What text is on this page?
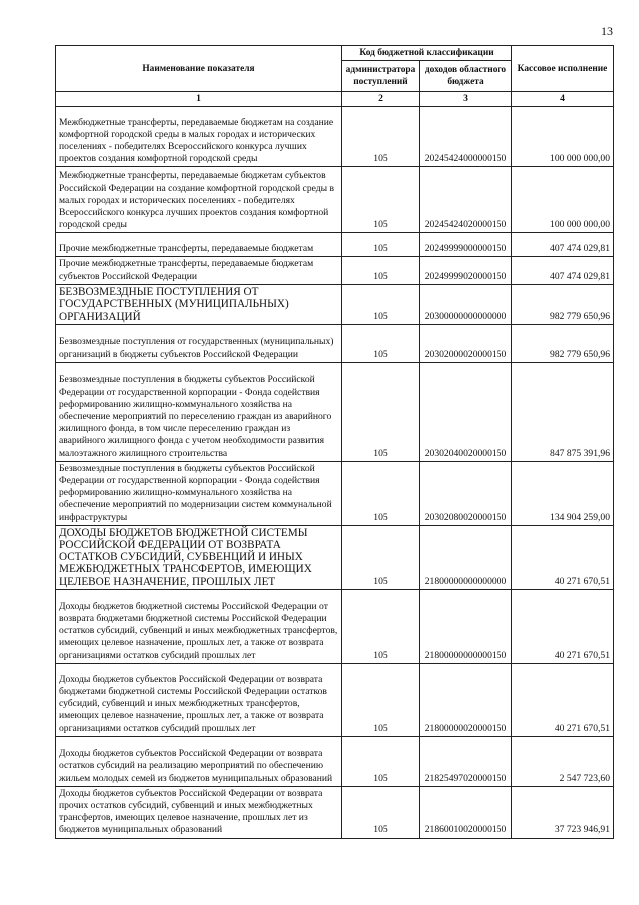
13
Наименование показателя	Код бюджетной классификации		Кассовое исполнение
	администратора поступлений	доходов областного бюджета	
1	2	3	4
Межбюджетные трансферты, передаваемые бюджетам на создание комфортной городской среды в малых городах и исторических поселениях - победителях Всероссийского конкурса лучших проектов создания комфортной городской среды	105	20245424000000150	100 000 000,00
Межбюджетные трансферты, передаваемые бюджетам субъектов Российской Федерации на создание комфортной городской среды в малых городах и исторических поселениях - победителях Всероссийского конкурса лучших проектов создания комфортной городской среды	105	20245424020000150	100 000 000,00
Прочие межбюджетные трансферты, передаваемые бюджетам	105	20249999000000150	407 474 029,81
Прочие межбюджетные трансферты, передаваемые бюджетам субъектов Российской Федерации	105	20249999020000150	407 474 029,81
БЕЗВОЗМЕЗДНЫЕ ПОСТУПЛЕНИЯ ОТ ГОСУДАРСТВЕННЫХ (МУНИЦИПАЛЬНЫХ) ОРГАНИЗАЦИЙ	105	20300000000000000	982 779 650,96
Безвозмездные поступления от государственных (муниципальных) организаций в бюджеты субъектов Российской Федерации	105	20302000020000150	982 779 650,96
Безвозмездные поступления в бюджеты субъектов Российской Федерации от государственной корпорации - Фонда содействия реформированию жилищно-коммунального хозяйства на обеспечение мероприятий по переселению граждан из аварийного жилищного фонда, в том числе переселению граждан из аварийного жилищного фонда с учетом необходимости развития малоэтажного жилищного строительства	105	20302040020000150	847 875 391,96
Безвозмездные поступления в бюджеты субъектов Российской Федерации от государственной корпорации - Фонда содействия реформированию жилищно-коммунального хозяйства на обеспечение мероприятий по модернизации систем коммунальной инфраструктуры	105	20302080020000150	134 904 259,00
ДОХОДЫ БЮДЖЕТОВ БЮДЖЕТНОЙ СИСТЕМЫ РОССИЙСКОЙ ФЕДЕРАЦИИ ОТ ВОЗВРАТА ОСТАТКОВ СУБСИДИЙ, СУБВЕНЦИЙ И ИНЫХ МЕЖБЮДЖЕТНЫХ ТРАНСФЕРТОВ, ИМЕЮЩИХ ЦЕЛЕВОЕ НАЗНАЧЕНИЕ, ПРОШЛЫХ ЛЕТ	105	21800000000000000	40 271 670,51
Доходы бюджетов бюджетной системы Российской Федерации от возврата бюджетами бюджетной системы Российской Федерации остатков субсидий, субвенций и иных межбюджетных трансфертов, имеющих целевое назначение, прошлых лет, а также от возврата организациями остатков субсидий прошлых лет	105	21800000000000150	40 271 670,51
Доходы бюджетов субъектов Российской Федерации от возврата бюджетами бюджетной системы Российской Федерации остатков субсидий, субвенций и иных межбюджетных трансфертов, имеющих целевое назначение, прошлых лет, а также от возврата организациями остатков субсидий прошлых лет	105	21800000020000150	40 271 670,51
Доходы бюджетов субъектов Российской Федерации от возврата остатков субсидий на реализацию мероприятий по обеспечению жильем молодых семей из бюджетов муниципальных образований	105	21825497020000150	2 547 723,60
Доходы бюджетов субъектов Российской Федерации от возврата прочих остатков субсидий, субвенций и иных межбюджетных трансфертов, имеющих целевое назначение, прошлых лет из бюджетов муниципальных образований	105	21860010020000150	37 723 946,91
